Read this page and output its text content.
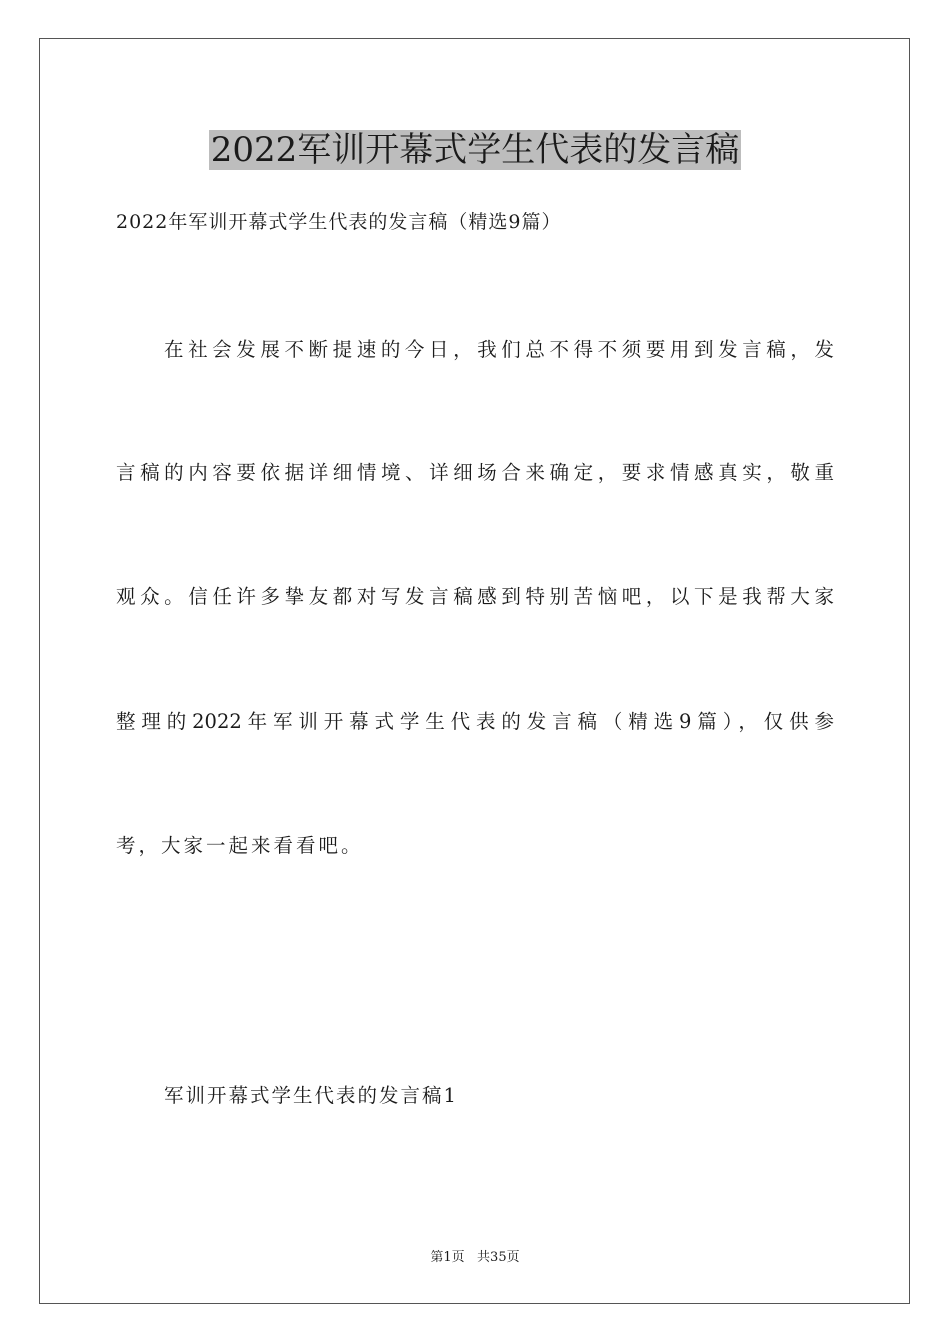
2022军训开幕式学生代表的发言稿
2022年军训开幕式学生代表的发言稿（精选9篇）
在社会发展不断提速的今日，我们总不得不须要用到发言稿，发
言稿的内容要依据详细情境、详细场合来确定，要求情感真实，敬重
观众。信任许多挚友都对写发言稿感到特别苦恼吧，以下是我帮大家
整理的2022年军训开幕式学生代表的发言稿（精选9篇），仅供参
考，大家一起来看看吧。
军训开幕式学生代表的发言稿1
第1页   共35页
